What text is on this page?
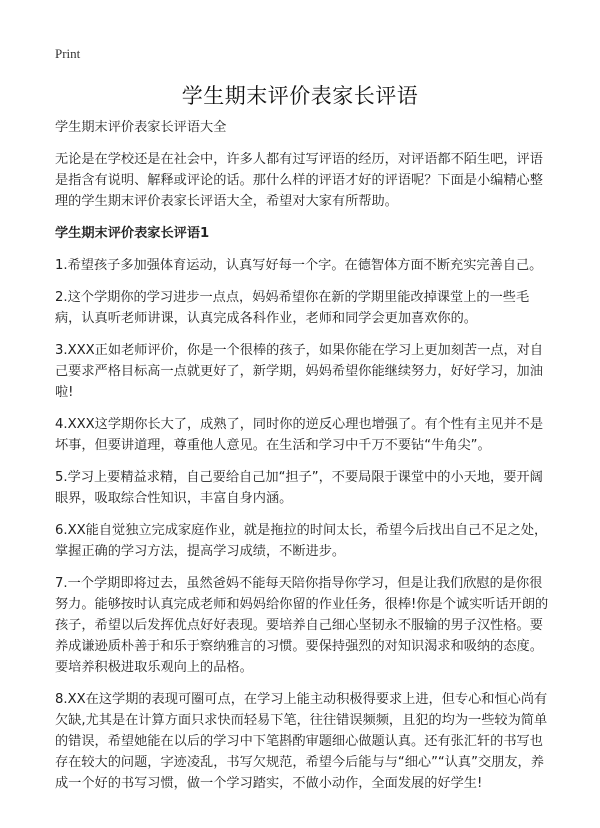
Print
学生期末评价表家长评语

学生期末评价表家长评语大全

无论是在学校还是在社会中，许多人都有过写评语的经历，对评语都不陌生吧，评语是指含有说明、解释或评论的话。那什么样的评语才好的评语呢？下面是小编精心整理的学生期末评价表家长评语大全，希望对大家有所帮助。

学生期末评价表家长评语1

1.希望孩子多加强体育运动，认真写好每一个字。在德智体方面不断充实完善自己。

2.这个学期你的学习进步一点点，妈妈希望你在新的学期里能改掉课堂上的一些毛病，认真听老师讲课，认真完成各科作业，老师和同学会更加喜欢你的。

3.XXX正如老师评价，你是一个很棒的孩子，如果你能在学习上更加刻苦一点，对自己要求严格目标高一点就更好了，新学期，妈妈希望你能继续努力，好好学习，加油啦!

4.XXX这学期你长大了，成熟了，同时你的逆反心理也增强了。有个性有主见并不是坏事，但要讲道理，尊重他人意见。在生活和学习中千万不要钻“牛角尖”。

5.学习上要精益求精，自己要给自己加“担子”，不要局限于课堂中的小天地，要开阔眼界，吸取综合性知识，丰富自身内涵。

6.XX能自觉独立完成家庭作业，就是拖拉的时间太长，希望今后找出自己不足之处，掌握正确的学习方法，提高学习成绩，不断进步。

7.一个学期即将过去，虽然爸妈不能每天陪你指导你学习，但是让我们欣慰的是你很努力。能够按时认真完成老师和妈妈给你留的作业任务，很棒!你是个诚实听话开朗的孩子，希望以后发挥优点好好表现。要培养自己细心坚韧永不服输的男子汉性格。要养成谦逊质朴善于和乐于察纳雅言的习惯。要保持强烈的对知识渴求和吸纳的态度。要培养积极进取乐观向上的品格。

8.XX在这学期的表现可圈可点，在学习上能主动积极得要求上进，但专心和恒心尚有欠缺,尤其是在计算方面只求快而轻易下笔，往往错误频频，且犯的均为一些较为简单的错误，希望她能在以后的学习中下笔斟酌审题细心做题认真。还有张汇轩的书写也存在较大的问题，字迹凌乱，书写欠规范，希望今后能与与“细心”“认真”交朋友，养成一个好的书写习惯，做一个学习踏实，不做小动作，全面发展的好学生!
